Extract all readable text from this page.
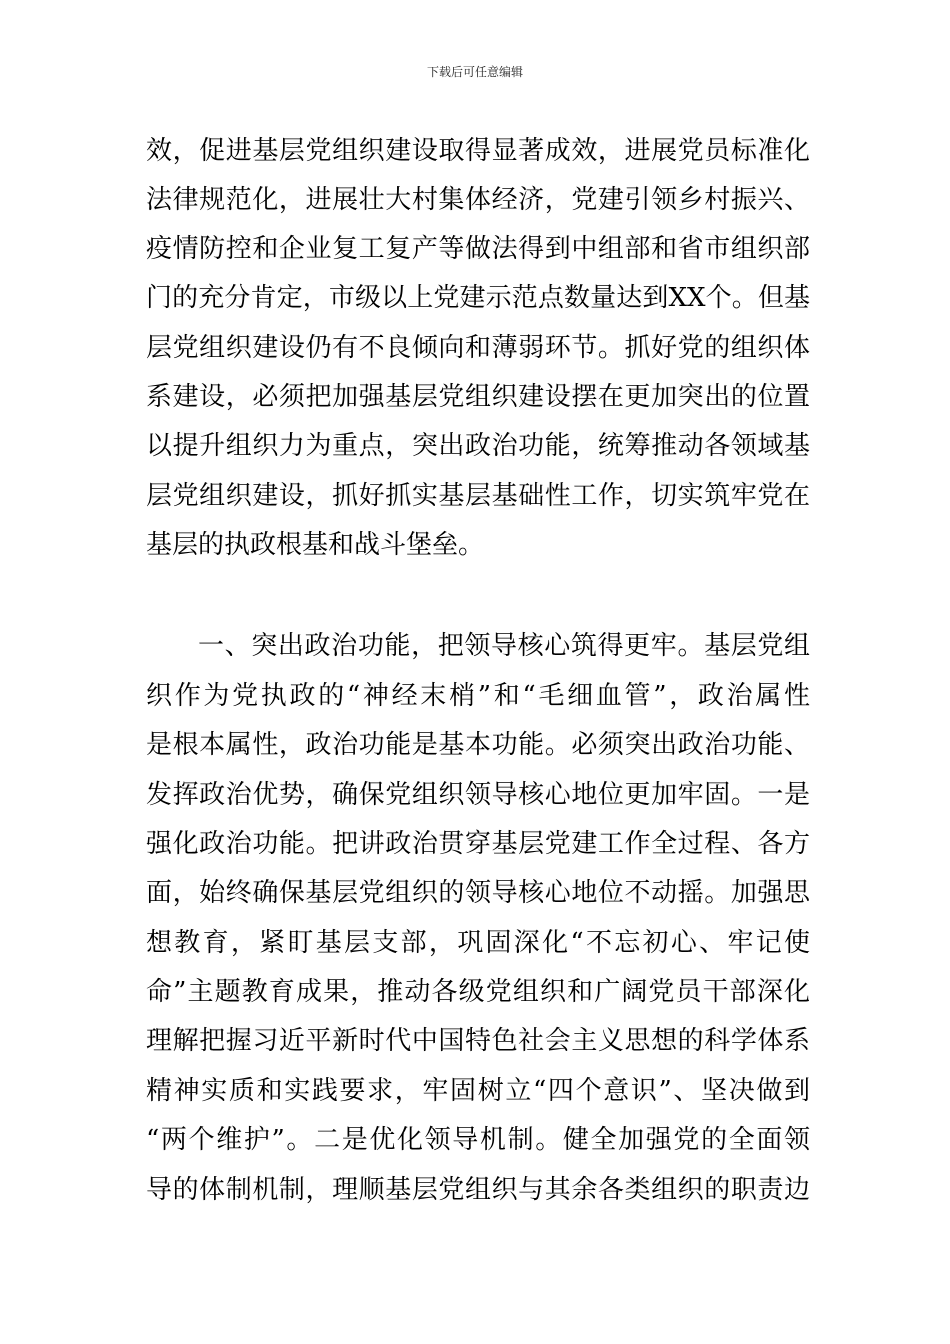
下载后可任意编辑
效，促进基层党组织建设取得显著成效，进展党员标准化
法律规范化，进展壮大村集体经济，党建引领乡村振兴、
疫情防控和企业复工复产等做法得到中组部和省市组织部
门的充分肯定，市级以上党建示范点数量达到XX个。但基
层党组织建设仍有不良倾向和薄弱环节。抓好党的组织体
系建设，必须把加强基层党组织建设摆在更加突出的位置
以提升组织力为重点，突出政治功能，统筹推动各领域基
层党组织建设，抓好抓实基层基础性工作，切实筑牢党在
基层的执政根基和战斗堡垒。
一、突出政治功能，把领导核心筑得更牢。基层党组
织作为党执政的“神经末梢”和“毛细血管”，政治属性
是根本属性，政治功能是基本功能。必须突出政治功能、
发挥政治优势，确保党组织领导核心地位更加牢固。一是
强化政治功能。把讲政治贯穿基层党建工作全过程、各方
面，始终确保基层党组织的领导核心地位不动摇。加强思
想教育，紧盯基层支部，巩固深化“不忘初心、牢记使
命”主题教育成果，推动各级党组织和广阔党员干部深化
理解把握习近平新时代中国特色社会主义思想的科学体系
精神实质和实践要求，牢固树立“四个意识”、坚决做到
“两个维护”。二是优化领导机制。健全加强党的全面领
导的体制机制，理顺基层党组织与其余各类组织的职责边
